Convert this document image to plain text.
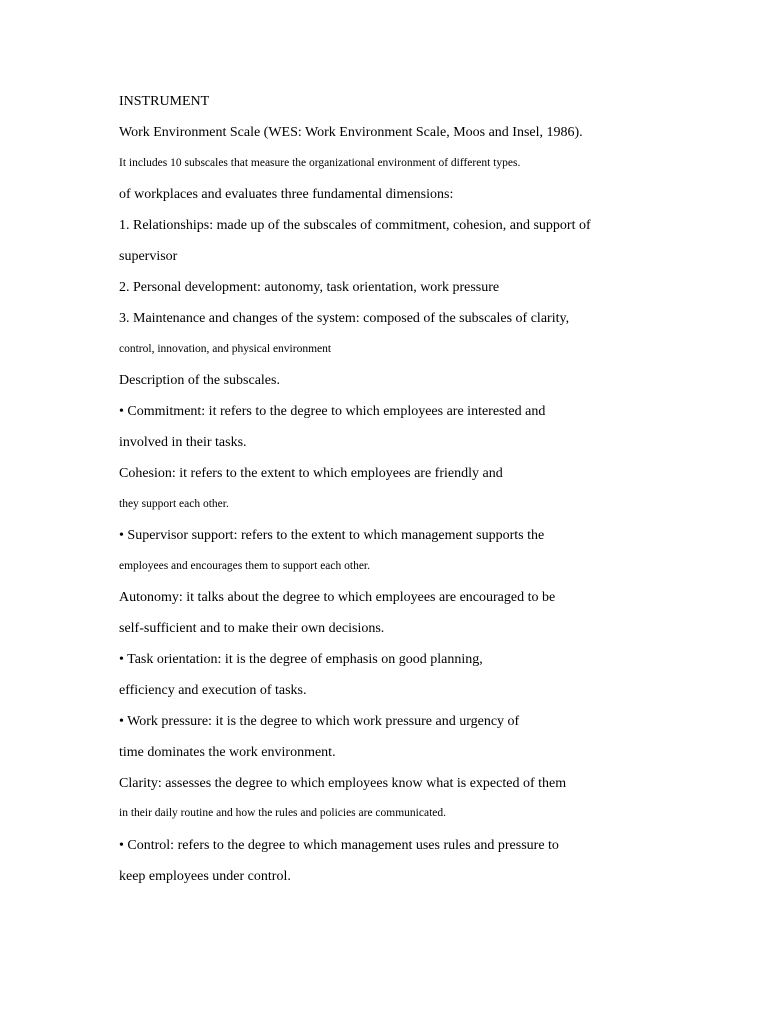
INSTRUMENT
Work Environment Scale (WES: Work Environment Scale, Moos and Insel, 1986).
It includes 10 subscales that measure the organizational environment of different types.
of workplaces and evaluates three fundamental dimensions:
1. Relationships: made up of the subscales of commitment, cohesion, and support of
supervisor
2. Personal development: autonomy, task orientation, work pressure
3. Maintenance and changes of the system: composed of the subscales of clarity,
control, innovation, and physical environment
Description of the subscales.
• Commitment: it refers to the degree to which employees are interested and
involved in their tasks.
Cohesion: it refers to the extent to which employees are friendly and
they support each other.
• Supervisor support: refers to the extent to which management supports the
employees and encourages them to support each other.
Autonomy: it talks about the degree to which employees are encouraged to be
self-sufficient and to make their own decisions.
• Task orientation: it is the degree of emphasis on good planning,
efficiency and execution of tasks.
• Work pressure: it is the degree to which work pressure and urgency of
time dominates the work environment.
Clarity: assesses the degree to which employees know what is expected of them
in their daily routine and how the rules and policies are communicated.
• Control: refers to the degree to which management uses rules and pressure to
keep employees under control.
